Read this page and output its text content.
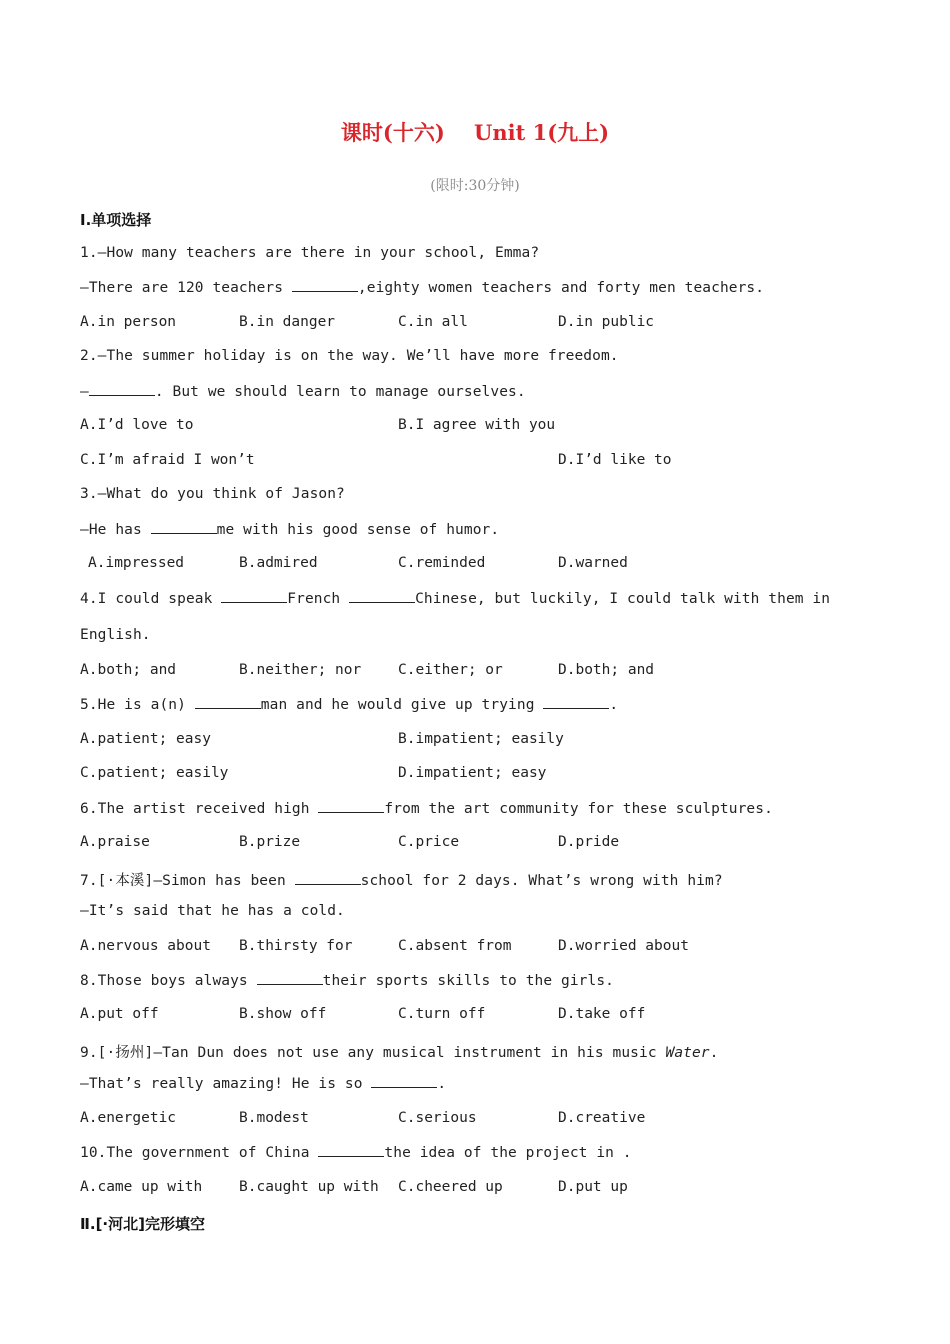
课时(十六)    Unit 1(九上)
(限时:30分钟)
Ⅰ.单项选择
1.—How many teachers are there in your school, Emma?
—There are 120 teachers	,eighty women teachers and forty men teachers.
A.in person	B.in danger	C.in all	D.in public
2.—The summer holiday is on the way. We’ll have more freedom.
—	. But we should learn to manage ourselves.
A.I’d love to	B.I agree with you
C.I’m afraid I won’t	D.I’d like to
3.—What do you think of Jason?
—He has	me with his good sense of humor.
A.impressed	B.admired	C.reminded	D.warned
4.I could speak	French	Chinese, but luckily, I could talk with them in
English.
A.both; and	B.neither; nor	C.either; or	D.both; and
5.He is a(n)	man and he would give up trying	.
A.patient; easy	B.impatient; easily
C.patient; easily	D.impatient; easy
6.The artist received high	from the art community for these sculptures.
A.praise	B.prize	C.price	D.pride
7.[·本溪]—Simon has been	school for 2 days. What’s wrong with him?
—It’s said that he has a cold.
A.nervous about B.thirsty for	C.absent from	D.worried about
8.Those boys always	their sports skills to the girls.
A.put off	B.show off	C.turn off	D.take off
9.[·扬州]—Tan Dun does not use any musical instrument in his music Water.
—That’s really amazing! He is so	.
A.energetic	B.modest	C.serious	D.creative
10.The government of China	the idea of the project in .
A.came up with	B.caught up with C.cheered up	D.put up
Ⅱ.[·河北]完形填空
